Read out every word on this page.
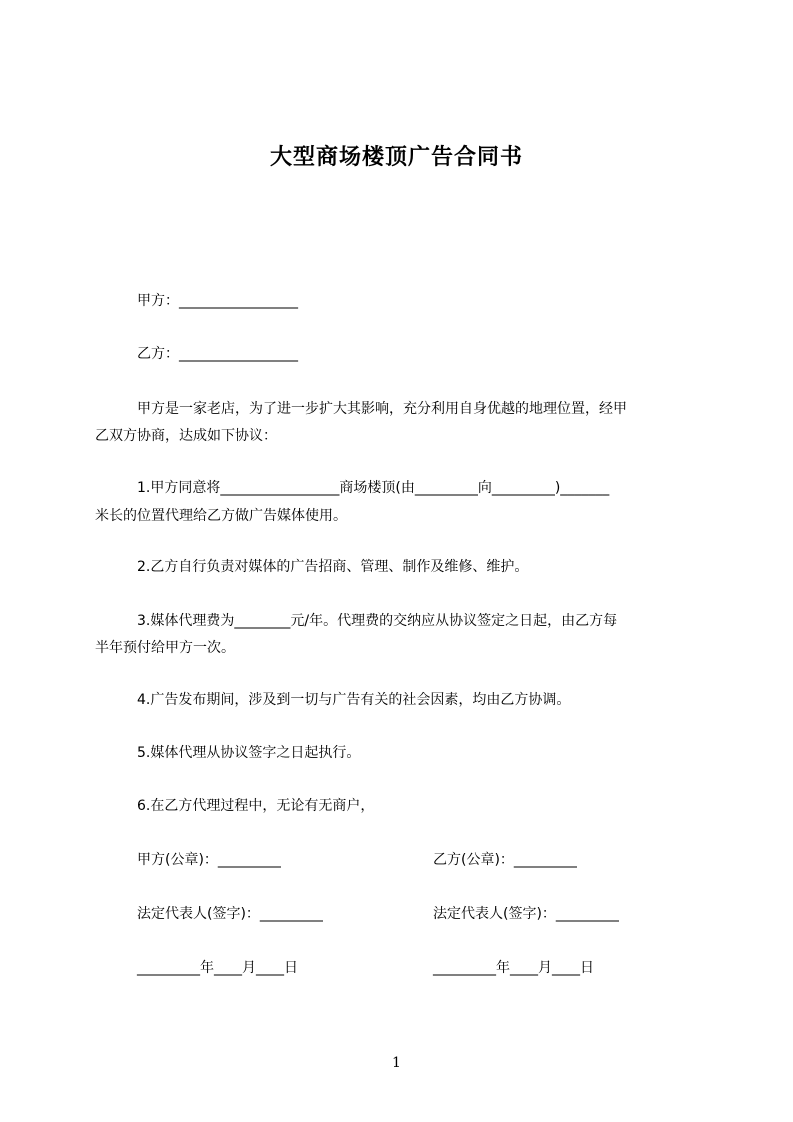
大型商场楼顶广告合同书
甲方：_________________
乙方：_________________
甲方是一家老店，为了进一步扩大其影响，充分利用自身优越的地理位置，经甲
乙双方协商，达成如下协议：
1.甲方同意将_________________商场楼顶(由_________向_________)_______
米长的位置代理给乙方做广告媒体使用。
2.乙方自行负责对媒体的广告招商、管理、制作及维修、维护。
3.媒体代理费为________元/年。代理费的交纳应从协议签定之日起，由乙方每
半年预付给甲方一次。
4.广告发布期间，涉及到一切与广告有关的社会因素，均由乙方协调。
5.媒体代理从协议签字之日起执行。
6.在乙方代理过程中，无论有无商户，
甲方(公章)：_________	乙方(公章)：_________
法定代表人(签字)：_________	法定代表人(签字)：_________
_________年____月____日	_________年____月____日
1
